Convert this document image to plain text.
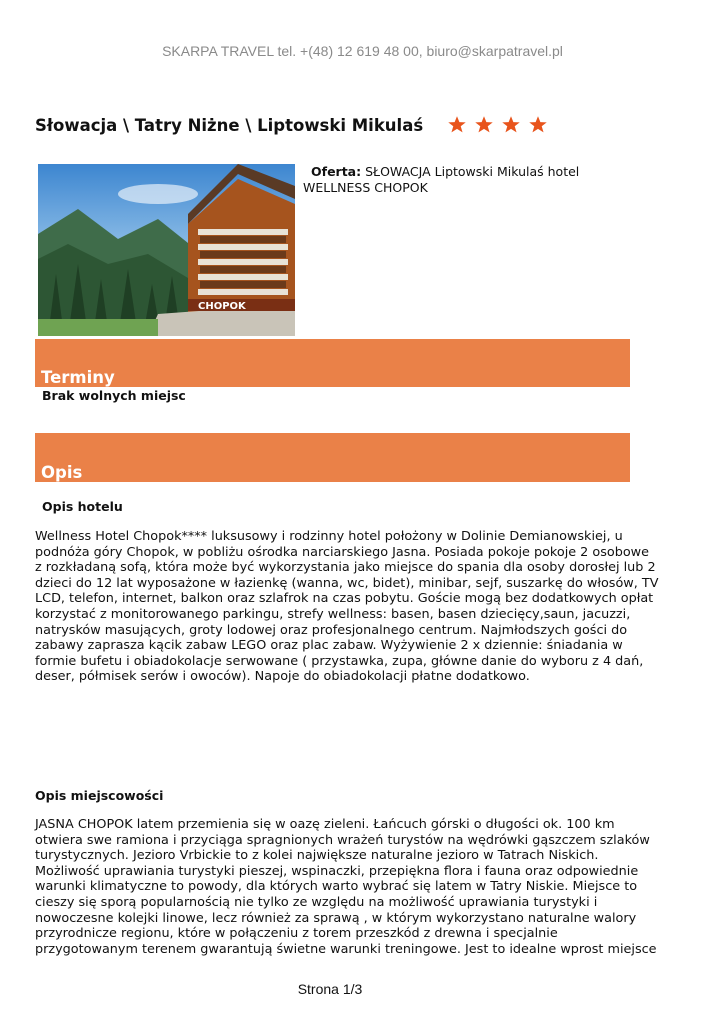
SKARPA TRAVEL tel. +(48) 12 619 48 00, biuro@skarpatravel.pl
Słowacja \ Tatry Niżne \ Liptowski Mikulaś

CHOPOK
Oferta: SŁOWACJA Liptowski Mikulaś hotel
WELLNESS CHOPOK
Terminy
Brak wolnych miejsc
Opis
Opis hotelu
Wellness Hotel Chopok**** luksusowy i rodzinny hotel położony w Dolinie Demianowskiej, u
podnóża góry Chopok, w pobliżu ośrodka narciarskiego Jasna. Posiada pokoje pokoje 2 osobowe
z rozkładaną sofą, która może być wykorzystania jako miejsce do spania dla osoby dorosłej lub 2
dzieci do 12 lat wyposażone w łazienkę (wanna, wc, bidet), minibar, sejf, suszarkę do włosów, TV
LCD, telefon, internet, balkon oraz szlafrok na czas pobytu. Goście mogą bez dodatkowych opłat
korzystać z monitorowanego parkingu, strefy wellness: basen, basen dziecięcy,saun, jacuzzi,
natrysków masujących, groty lodowej oraz profesjonalnego centrum. Najmłodszych gości do
zabawy zaprasza kącik zabaw LEGO oraz plac zabaw. Wyżywienie 2 x dziennie: śniadania w
formie bufetu i obiadokolacje serwowane ( przystawka, zupa, główne danie do wyboru z 4 dań,
deser, półmisek serów i owoców). Napoje do obiadokolacji płatne dodatkowo.
Opis miejscowości
JASNA CHOPOK latem przemienia się w oazę zieleni. Łańcuch górski o długości ok. 100 km
otwiera swe ramiona i przyciąga spragnionych wrażeń turystów na wędrówki gąszczem szlaków
turystycznych. Jezioro Vrbickie to z kolei największe naturalne jezioro w Tatrach Niskich.
Możliwość uprawiania turystyki pieszej, wspinaczki, przepiękna flora i fauna oraz odpowiednie
warunki klimatyczne to powody, dla których warto wybrać się latem w Tatry Niskie. Miejsce to
cieszy się sporą popularnością nie tylko ze względu na możliwość uprawiania turystyki i
nowoczesne kolejki linowe, lecz również za sprawą , w którym wykorzystano naturalne walory
przyrodnicze regionu, które w połączeniu z torem przeszkód z drewna i specjalnie
przygotowanym terenem gwarantują świetne warunki treningowe. Jest to idealne wprost miejsce
Strona 1/3
